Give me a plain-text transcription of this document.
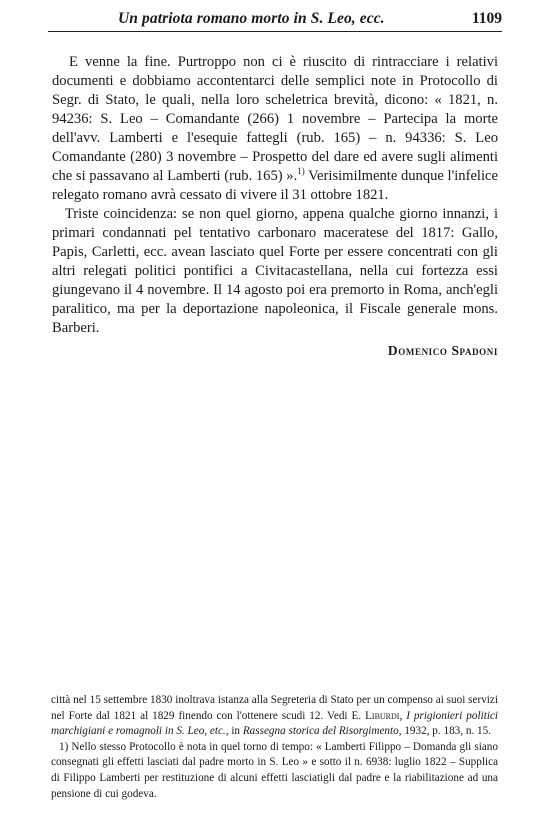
Un patriota romano morto in S. Leo, ecc.	1109

E venne la fine. Purtroppo non ci è riuscito di rintracciare i relativi documenti e dobbiamo accontentarci delle semplici note in Protocollo di Segr. di Stato, le quali, nella loro scheletrica brevità, dicono: « 1821, n. 94236: S. Leo – Comandante (266) 1 novembre – Partecipa la morte dell'avv. Lamberti e l'esequie fattegli (rub. 165) – n. 94336: S. Leo Comandante (280) 3 novembre – Prospetto del dare ed avere sugli alimenti che si passavano al Lamberti (rub. 165) ».$^{1)}$ Verisimilmente dunque l'infelice relegato romano avrà cessato di vivere il 31 ottobre 1821.

Triste coincidenza: se non quel giorno, appena qualche giorno innanzi, i primari condannati pel tentativo carbonaro maceratese del 1817: Gallo, Papis, Carletti, ecc. avean lasciato quel Forte per essere concentrati con gli altri relegati politici pontifici a Civitacastellana, nella cui fortezza essi giungevano il 4 novembre. Il 14 agosto poi era premorto in Roma, anch'egli paralitico, ma per la deportazione napoleonica, il Fiscale generale mons. Barberi.

Domenico Spadoni

città nel 15 settembre 1830 inoltrava istanza alla Segreteria di Stato per un compenso ai suoi servizi nel Forte dal 1821 al 1829 finendo con l'ottenere scudi 12. Vedi E. Liburdi, I prigionieri politici marchigiani e romagnoli in S. Leo, etc., in Rassegna storica del Risorgimento, 1932, p. 183, n. 15.

1) Nello stesso Protocollo è nota in quel torno di tempo: « Lamberti Filippo – Domanda gli siano consegnati gli effetti lasciati dal padre morto in S. Leo » e sotto il n. 6938: luglio 1822 – Supplica di Filippo Lamberti per restituzione di alcuni effetti lasciatigli dal padre e la riabilitazione ad una pensione di cui godeva.
